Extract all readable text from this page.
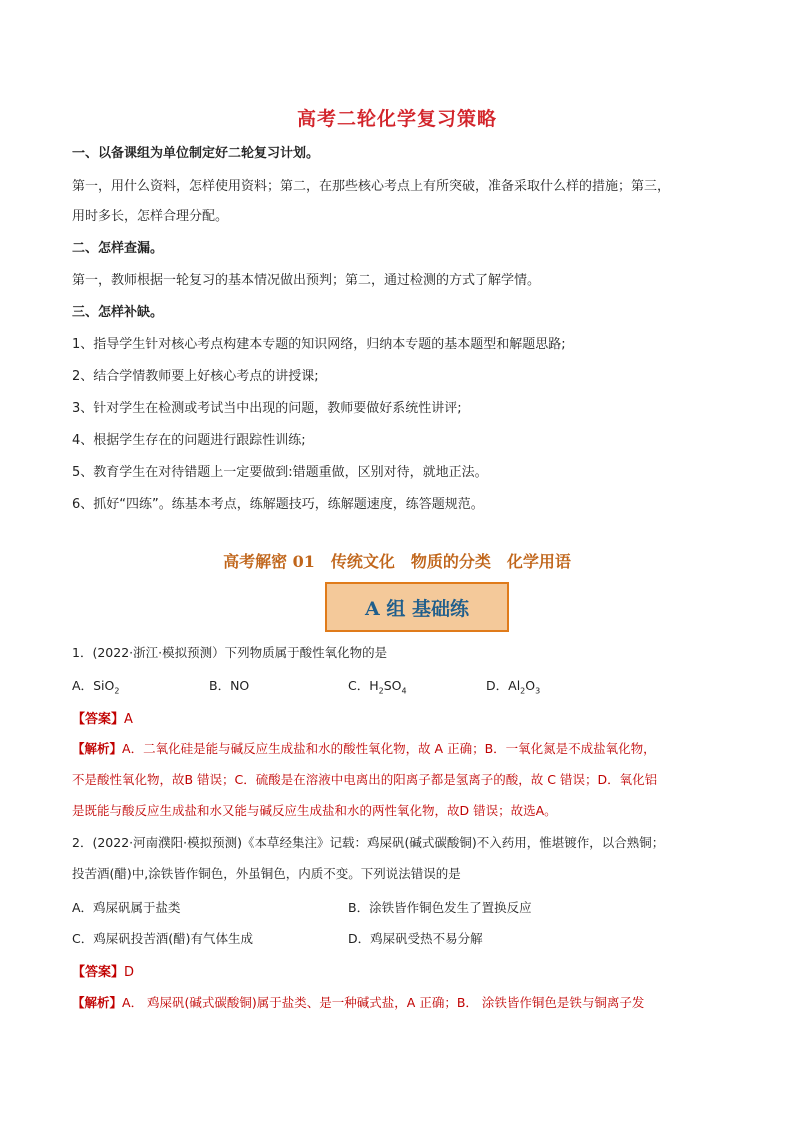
高考二轮化学复习策略
一、以备课组为单位制定好二轮复习计划。
第一，用什么资料，怎样使用资料；第二，在那些核心考点上有所突破，准备采取什么样的措施；第三，
用时多长，怎样合理分配。
二、怎样查漏。
第一，教师根据一轮复习的基本情况做出预判；第二，通过检测的方式了解学情。
三、怎样补缺。
1、指导学生针对核心考点构建本专题的知识网络，归纳本专题的基本题型和解题思路;
2、结合学情教师要上好核心考点的讲授课;
3、针对学生在检测或考试当中出现的问题，教师要做好系统性讲评;
4、根据学生存在的问题进行跟踪性训练;
5、教育学生在对待错题上一定要做到:错题重做，区别对待，就地正法。
6、抓好“四练”。练基本考点，练解题技巧，练解题速度，练答题规范。
高考解密 01　传统文化　物质的分类　化学用语
A 组 基础练
1．(2022·浙江·模拟预测）下列物质属于酸性氧化物的是
A．SiO$_2$	B．NO	C．$H_2SO_4$	D．$Al_2O_3$
【答案】A
【解析】A．二氧化硅是能与碱反应生成盐和水的酸性氧化物，故 A 正确；B．一氧化氮是不成盐氧化物，
不是酸性氧化物，故B 错误；C．硫酸是在溶液中电离出的阳离子都是氢离子的酸，故 C 错误；D．氧化铝
是既能与酸反应生成盐和水又能与碱反应生成盐和水的两性氧化物，故D 错误；故选A。
2．(2022·河南濮阳·模拟预测)《本草经集注》记载：鸡屎矾(碱式碳酸铜)不入药用，惟堪镀作，以合熟铜；
投苦酒(醋)中,涂铁皆作铜色，外虽铜色，内质不变。下列说法错误的是
A．鸡屎矾属于盐类	B．涂铁皆作铜色发生了置换反应
C．鸡屎矾投苦酒(醋)有气体生成	D．鸡屎矾受热不易分解
【答案】D
【解析】A． 鸡屎矾(碱式碳酸铜)属于盐类、是一种碱式盐，A 正确；B． 涂铁皆作铜色是铁与铜离子发
